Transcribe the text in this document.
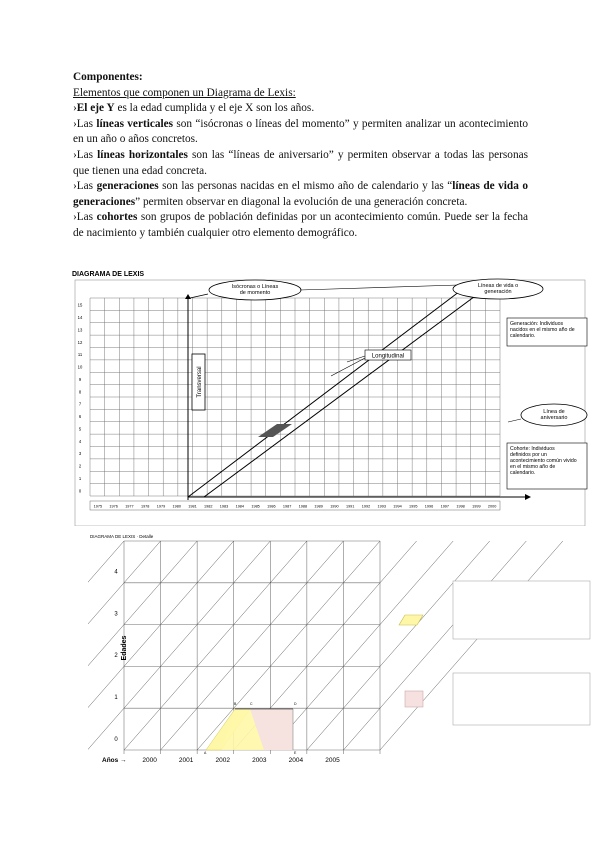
Componentes:
Elementos que componen un Diagrama de Lexis:
›El eje Y es la edad cumplida y el eje X son los años.
›Las líneas verticales son “isócronas o líneas del momento” y permiten analizar un acontecimiento en un año o años concretos.
›Las líneas horizontales son las “líneas de aniversario” y permiten observar a todas las personas que tienen una edad concreta.
›Las generaciones son las personas nacidas en el mismo año de calendario y las “líneas de vida o generaciones” permiten observar en diagonal la evolución de una generación concreta.
›Las cohortes son grupos de población definidas por un acontecimiento común. Puede ser la fecha de nacimiento y también cualquier otro elemento demográfico.
DIAGRAMA DE LEXIS
15
14
13
12
11
10
9
8
7
6
5
4
3
2
1
0
1975 1976 1977 1978 1979 1980 1981 1982 1983 1984 1985 1986 1987 1988 1989 1990 1991 1992 1993 1994 1995 1996 1997 1998 1999 2000
Isócronas o Líneas de momento
Líneas de vida o generación
Transversal
Longitudinal
Generación: Individuos nacidos en el mismo año de calendario.
Línea de aniversario
Cohorte: Individuos definidos por un acontecimiento común vivido en el mismo año de calendario.
DIAGRAMA DE LEXIS · Detalle
A
B	C	D
E
Edades
4
3
2
1
0
2000	2001	2002	2003	2004	2005
Años →
